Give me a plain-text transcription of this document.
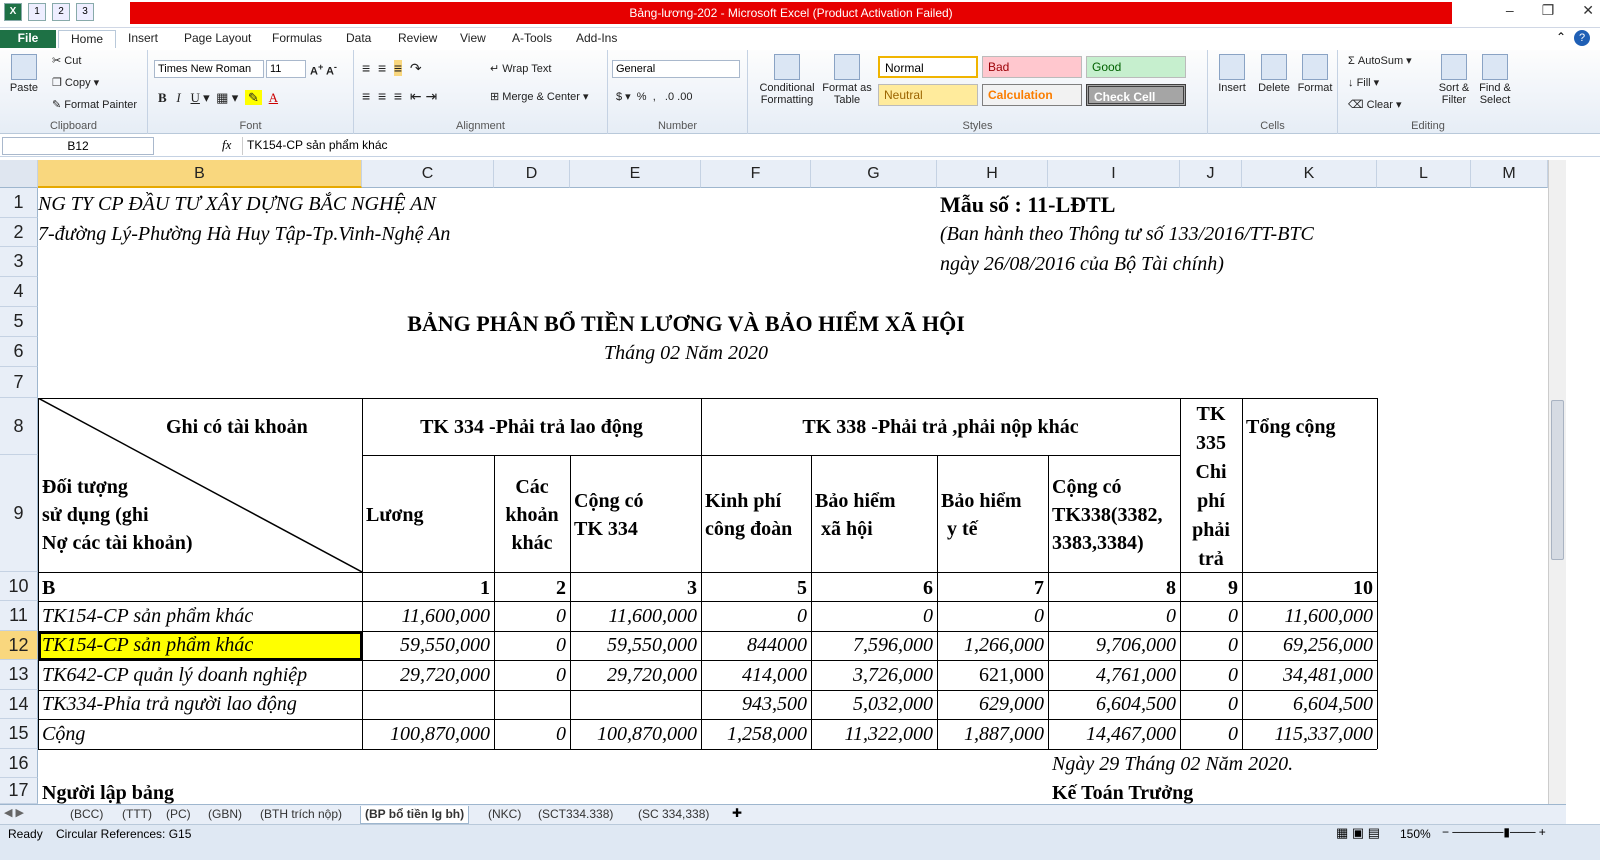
X	1	2	3	Bảng-lương-202 - Microsoft Excel (Product Activation Failed)	– ❐ ✕
File	Home	Insert Page Layout Formulas Data Review View A-Tools Add-Ins	⌃	?
Paste
✂ Cut
❐ Copy ▾
✎ Format Painter
Clipboard
Times New Roman	11	A+ A-
B I U ▾  ▦ ▾   ✎   A
Font
≡  ≡  ≡  ↷
≡  ≡  ≡  ⇤ ⇥
↵ Wrap Text
⊞ Merge & Center ▾
Alignment
General
$ ▾  %  ,   .0 .00
Number
Conditional Formatting
Format as Table
Normal	Bad	Good
Neutral	Calculation	Check Cell
Styles
Insert	Delete Format
Cells
Σ AutoSum ▾
↓ Fill ▾
⌫ Clear ▾
Sort & Filter
Find & Select
Editing
B12	fx	TK154-CP sản phẩm khác
B	C	D	E	F	G	H	I	J	K	L	M
1
2
3
4
5
6
7
8
9
10
11
12
13
14
15
16
17
NG TY CP ĐẦU TƯ XÂY DỰNG BẮC NGHỆ AN
7-đường Lý-Phường Hà Huy Tập-Tp.Vinh-Nghệ An
Mẫu số : 11-LĐTL
(Ban hành theo Thông tư số 133/2016/TT-BTC
ngày 26/08/2016 của Bộ Tài chính)
BẢNG PHÂN BỔ TIỀN LƯƠNG VÀ BẢO HIỂM XÃ HỘI
Tháng 02 Năm 2020
Ghi có tài khoản
Đối tượng
sử dụng (ghi
Nợ các tài khoản)
TK 334 -Phải trả lao động	TK 338 -Phải trả ,phải nộp khác
TK
335
Chi
phí
phải
trả
Tổng cộng
Lương
Các
khoản
khác
Cộng có
TK 334
Kinh phí
công đoàn
Bảo hiểm
xã hội
Bảo hiểm
y tế
Cộng có
TK338(3382,
3383,3384)
B	1	2	3	5	6	7	8	9	10
TK154-CP sản phẩm khác	11,600,000	0	11,600,000	0	0	0	0	0	11,600,000
TK154-CP sản phẩm khác	59,550,000	0	59,550,000	844000	7,596,000	1,266,000	9,706,000	0	69,256,000
TK642-CP quản lý doanh nghiệp	29,720,000	0	29,720,000	414,000	3,726,000	621,000	4,761,000	0	34,481,000
TK334-Phỉa trả người lao động	943,500	5,032,000	629,000	6,604,500	0	6,604,500
Cộng	100,870,000	0	100,870,000	1,258,000	11,322,000	1,887,000	14,467,000	0	115,337,000
Ngày 29 Tháng 02 Năm 2020.
Người lập bảng	Kế Toán Trưởng
◀ ▶	(BCC)	(TTT)	(PC)	(GBN)	(BTH trích nộp)	(BP bổ tiền lg bh)	(NKC)	(SCT334.338)	(SC 334,338)	✚
Ready Circular References: G15	▦ ▣ ▤ 150% − ──────▮─── +
